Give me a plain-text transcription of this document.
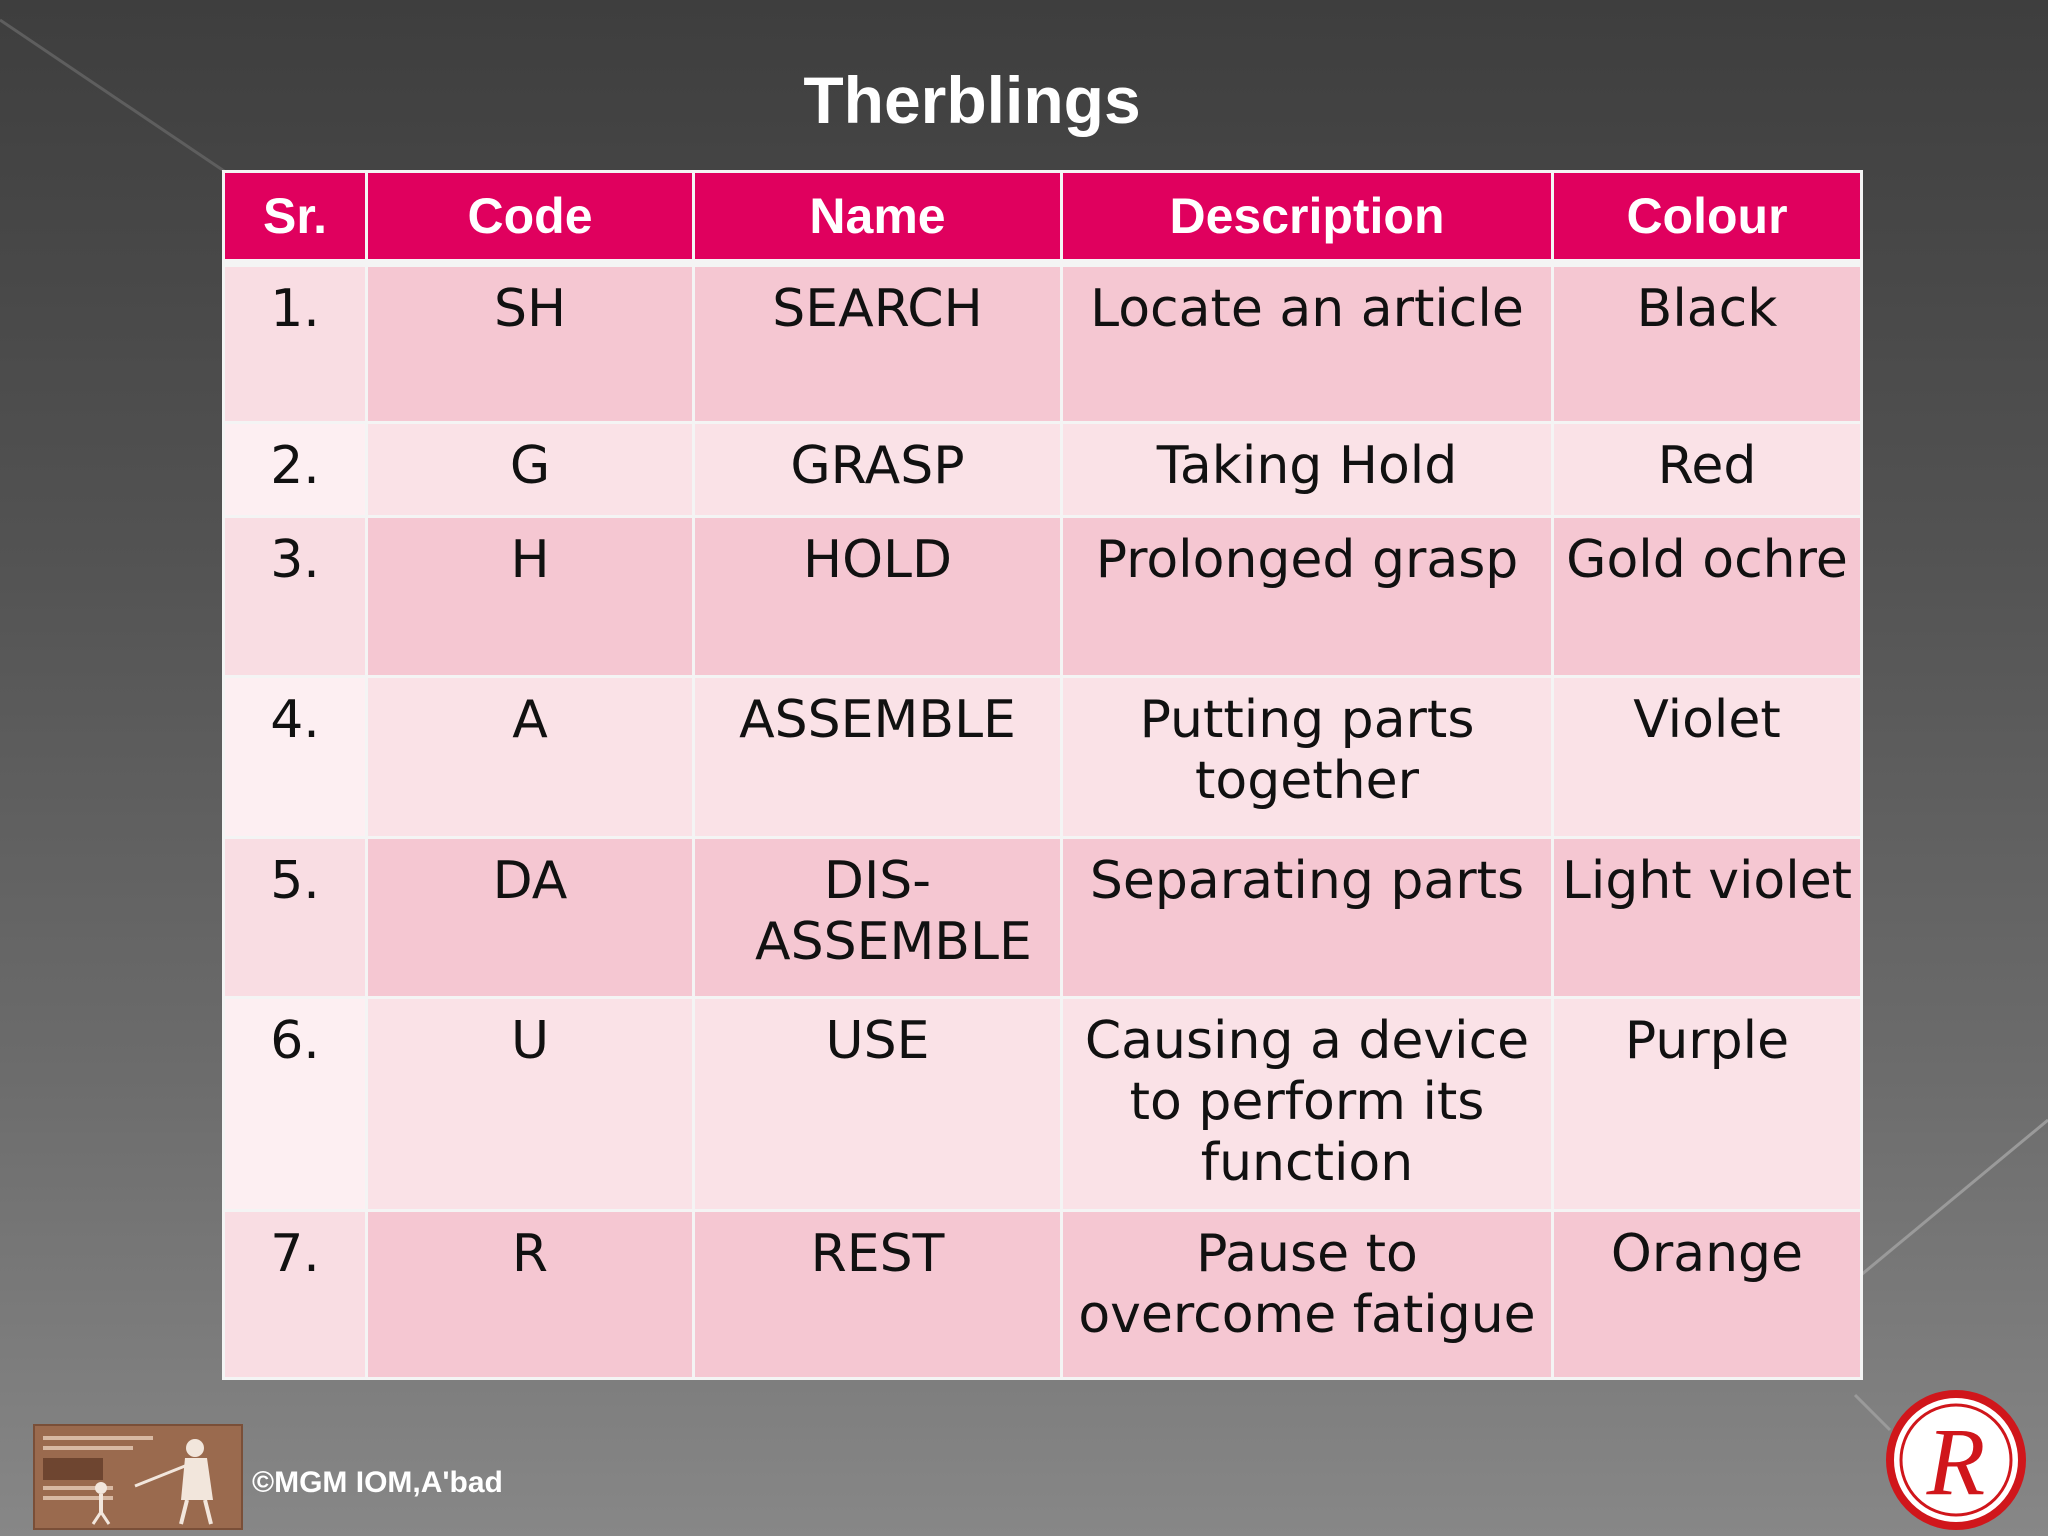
Therblings
Sr.	Code	Name	Description	Colour
1.	SH	SEARCH	Locate an article	Black
2.	G	GRASP	Taking Hold	Red
3.	H	HOLD	Prolonged grasp	Gold ochre
4.	A	ASSEMBLE	Putting parts together	Violet
5.	DA	DIS-ASSEMBLE	Separating parts	Light violet
6.	U	USE	Causing a device to perform its function	Purple
7.	R	REST	Pause to overcome fatigue	Orange
©MGM IOM,A'bad	R
